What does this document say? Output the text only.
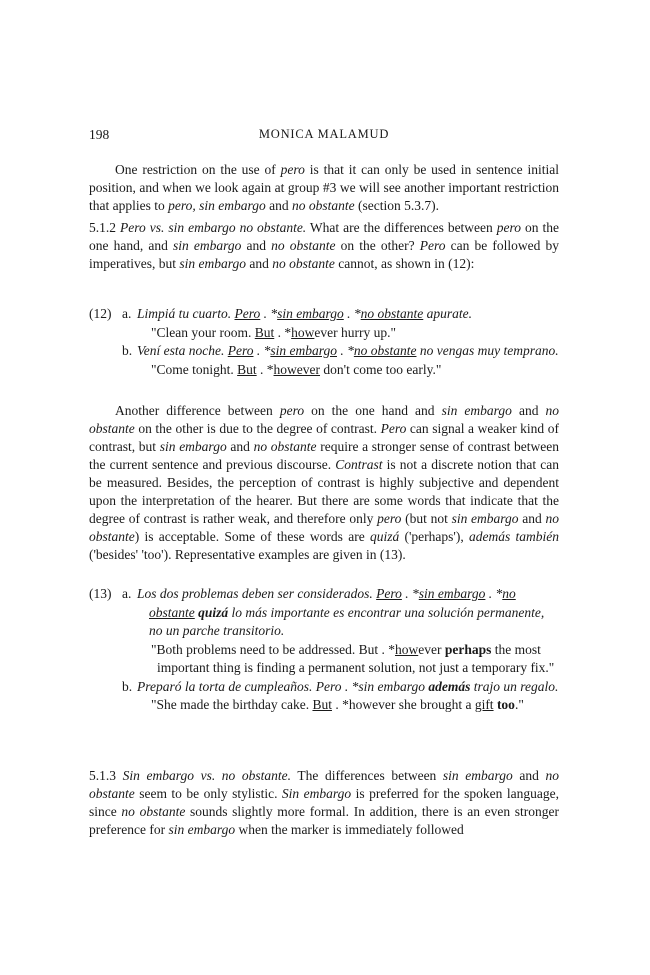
198	MONICA MALAMUD

One restriction on the use of pero is that it can only be used in sentence initial position, and when we look again at group #3 we will see another important restriction that applies to pero, sin embargo and no obstante (section 5.3.7).

5.1.2 Pero vs. sin embargo no obstante. What are the differences between pero on the one hand, and sin embargo and no obstante on the other? Pero can be followed by imperatives, but sin embargo and no obstante cannot, as shown in (12):

(12) a. Limpiá tu cuarto. Pero . *sin embargo . *no obstante apurate.
"Clean your room. But . *however hurry up."
b. Vení esta noche. Pero . *sin embargo . *no obstante no vengas muy temprano.
"Come tonight. But . *however don't come too early."

Another difference between pero on the one hand and sin embargo and no obstante on the other is due to the degree of contrast. Pero can signal a weaker kind of contrast, but sin embargo and no obstante require a stronger sense of contrast between the current sentence and previous discourse. Contrast is not a discrete notion that can be measured. Besides, the perception of contrast is highly subjective and dependent upon the interpretation of the hearer. But there are some words that indicate that the degree of contrast is rather weak, and therefore only pero (but not sin embargo and no obstante) is acceptable. Some of these words are quizá ('perhaps'), además también ('besides' 'too'). Representative examples are given in (13).

(13) a. Los dos problemas deben ser considerados. Pero . *sin embargo . *no obstante quizá lo más importante es encontrar una solución permanente, no un parche transitorio.
"Both problems need to be addressed. But . *however perhaps the most important thing is finding a permanent solution, not just a temporary fix."
b. Preparó la torta de cumpleaños. Pero . *sin embargo además trajo un regalo.
"She made the birthday cake. But . *however she brought a gift too."

5.1.3 Sin embargo vs. no obstante. The differences between sin embargo and no obstante seem to be only stylistic. Sin embargo is preferred for the spoken language, since no obstante sounds slightly more formal. In addition, there is an even stronger preference for sin embargo when the marker is immediately followed
